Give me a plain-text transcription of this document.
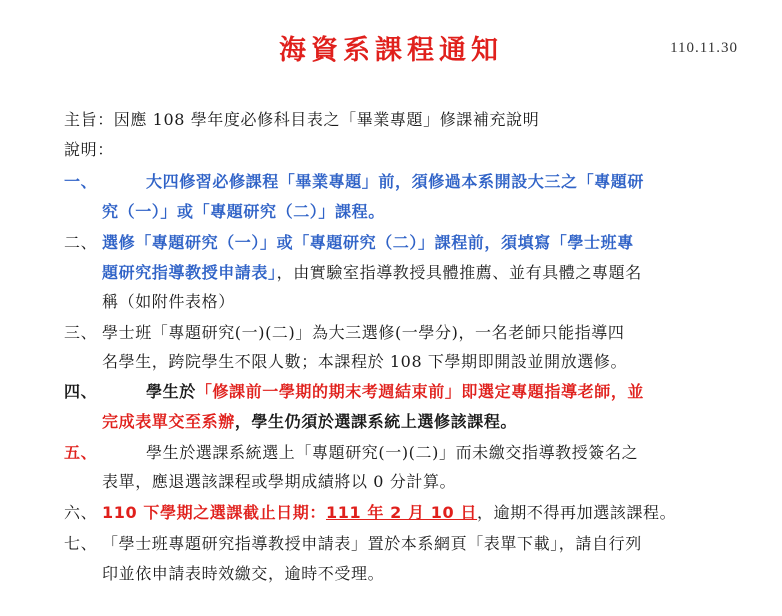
海資系課程通知	110.11.30
主旨：因應 108 學年度必修科目表之「畢業專題」修課補充說明
說明：
一、	大四修習必修課程「畢業專題」前，須修過本系開設大三之「專題研
究（一）」或「專題研究（二）」課程。
二、 選修「專題研究（一）」或「專題研究（二）」課程前，須填寫「學士班專
題研究指導教授申請表」，由實驗室指導教授具體推薦、並有具體之專題名
稱（如附件表格）
三、 學士班「專題研究(一)(二)」為大三選修(一學分)，一名老師只能指導四
名學生，跨院學生不限人數；本課程於 108 下學期即開設並開放選修。
四、	學生於「修課前一學期的期末考週結束前」即選定專題指導老師，並
完成表單交至系辦，學生仍須於選課系統上選修該課程。
五、	學生於選課系統選上「專題研究(一)(二)」而未繳交指導教授簽名之
表單，應退選該課程或學期成績將以 0 分計算。
六、 110 下學期之選課截止日期：111 年 2 月 10 日，逾期不得再加選該課程。
七、 「學士班專題研究指導教授申請表」置於本系網頁「表單下載」，請自行列
印並依申請表時效繳交，逾時不受理。
